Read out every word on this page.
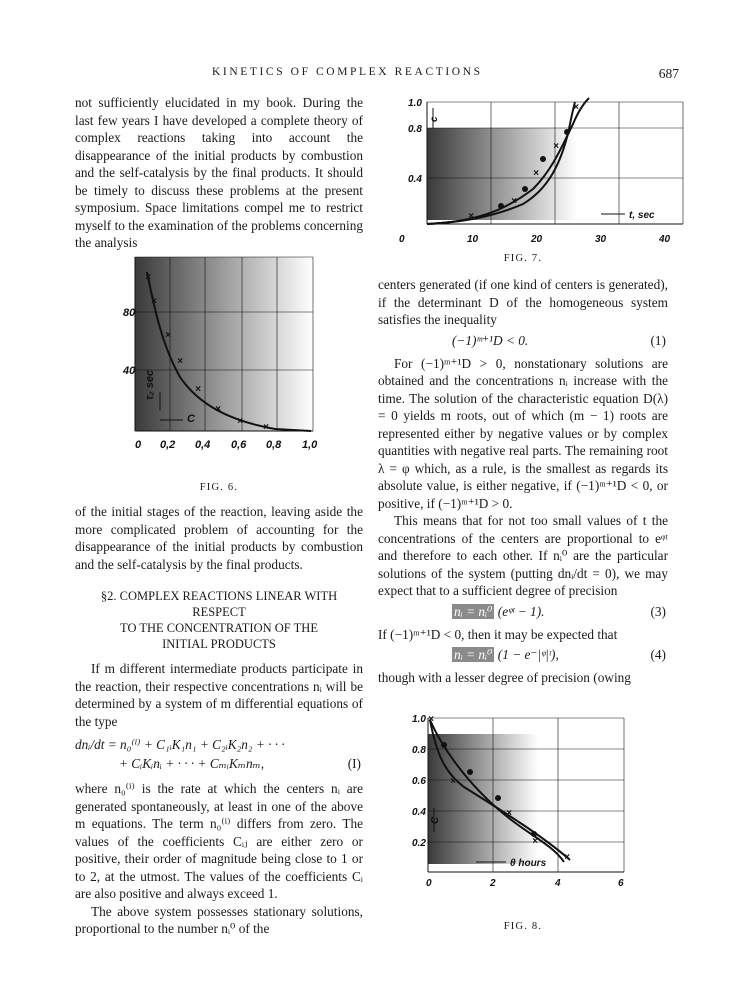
KINETICS OF COMPLEX REACTIONS	687

not sufficiently elucidated in my book. During the last few years I have developed a complete theory of complex reactions taking into account the disappearance of the initial products by combustion and the self-catalysis by the final products. It should be timely to discuss these problems at the present symposium. Space limitations compel me to restrict myself to the examination of the problems concerning the analysis

×
×
×
×
×
×
×
×
80
40
0 0,2 0,4 0,6 0,8 1,0
τ₂ sec
C
FIG. 6.

of the initial stages of the reaction, leaving aside the more complicated problem of accounting for the disappearance of the initial products by combustion and the self-catalysis by the final products.

§2. COMPLEX REACTIONS LINEAR WITH RESPECT
TO THE CONCENTRATION OF THE
INITIAL PRODUCTS

If m different intermediate products participate in the reaction, their respective concentrations nᵢ will be determined by a system of m differential equations of the type

dnᵢ/dt = n₀⁽ⁱ⁾ + C₁ᵢK₁n₁ + C₂ᵢK₂n₂ + · · ·
+ CᵢKᵢnᵢ + · · · + CₘᵢKₘnₘ,	(I)

where n₀⁽ⁱ⁾ is the rate at which the centers nᵢ are generated spontaneously, at least in one of the above m equations. The term n₀⁽ⁱ⁾ differs from zero. The values of the coefficients Cᵢⱼ are either zero or positive, their order of magnitude being close to 1 or to 2, at the utmost. The values of the coefficients Cᵢ are also positive and always exceed 1.

The above system possesses stationary solutions, proportional to the number nᵢ⁰ of the

×
×
×
×
×
1.0
0.8
0.4
0	10	20	30	40
c
t, sec
FIG. 7.

centers generated (if one kind of centers is generated), if the determinant D of the homogeneous system satisfies the inequality

(−1)ᵐ⁺¹D < 0.	(1)

For (−1)ᵐ⁺¹D > 0, nonstationary solutions are obtained and the concentrations nᵢ increase with the time. The solution of the characteristic equation D(λ) = 0 yields m roots, out of which (m − 1) roots are represented either by negative values or by complex quantities with negative real parts. The remaining root λ = φ which, as a rule, is the smallest as regards its absolute value, is either negative, if (−1)ᵐ⁺¹D < 0, or positive, if (−1)ᵐ⁺¹D > 0.

This means that for not too small values of t the concentrations of the centers are proportional to eᵠᵗ and therefore to each other. If nᵢ⁰ are the particular solutions of the system (putting dnᵢ/dt = 0), we may expect that to a sufficient degree of precision

nᵢ = nᵢ⁰ (eᵠᵗ − 1).	(3)

If (−1)ᵐ⁺¹D < 0, then it may be expected that

nᵢ = nᵢ⁰ (1 − e⁻|ᵠ|ᵗ),	(4)

though with a lesser degree of precision (owing

×
×
×
×
×
1.0
0.8
0.6
0.4
0.2
0	2	4	6
C
θ hours
FIG. 8.
